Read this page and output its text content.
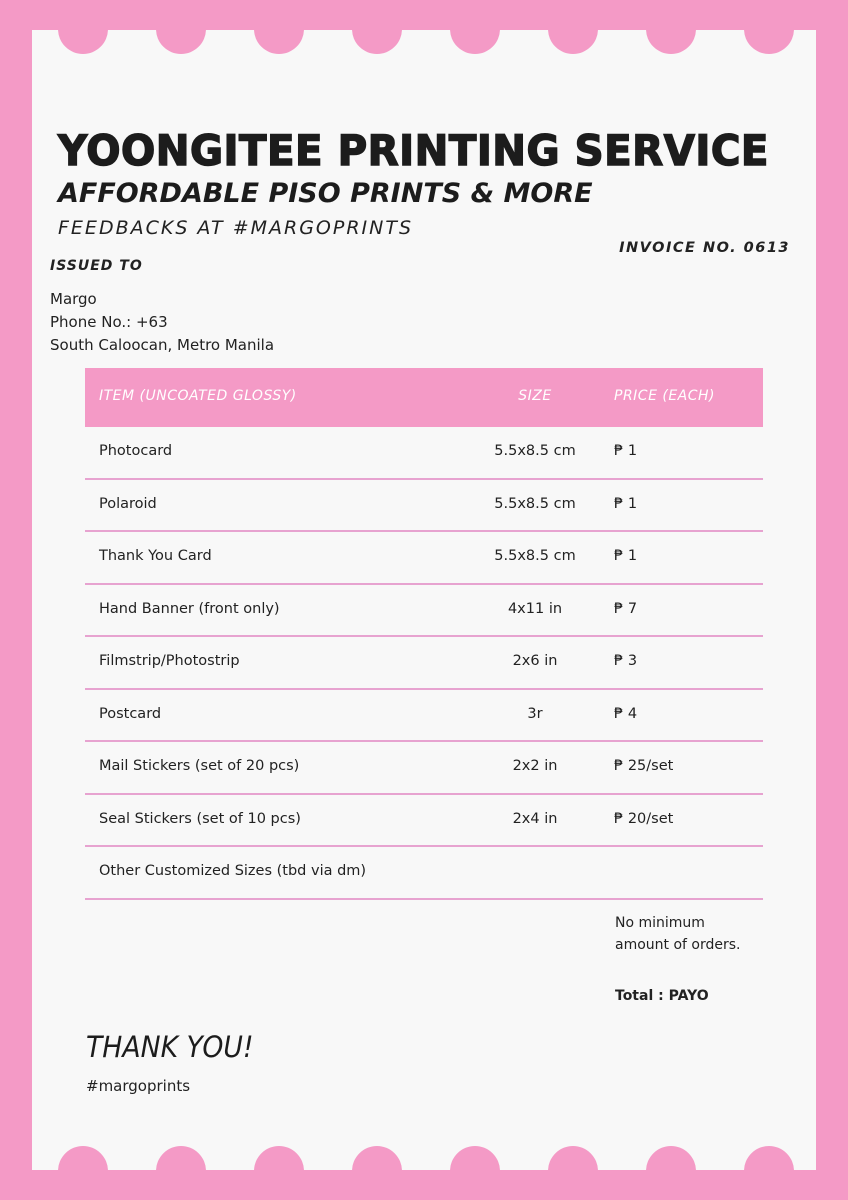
YOONGITEE PRINTING SERVICE
AFFORDABLE PISO PRINTS & MORE
FEEDBACKS AT #MARGOPRINTS
INVOICE NO. 0613
ISSUED TO
Margo
Phone No.: +63
South Caloocan, Metro Manila
ITEM (UNCOATED GLOSSY)	SIZE	PRICE (EACH)
Photocard	5.5x8.5 cm	₱ 1
Polaroid	5.5x8.5 cm	₱ 1
Thank You Card	5.5x8.5 cm	₱ 1
Hand Banner (front only)	4x11 in	₱ 7
Filmstrip/Photostrip	2x6 in	₱ 3
Postcard	3r	₱ 4
Mail Stickers (set of 20 pcs)	2x2 in	₱ 25/set
Seal Stickers (set of 10 pcs)	2x4 in	₱ 20/set
Other Customized Sizes (tbd via dm)
No minimum
amount of orders.
Total : PAYO
THANK YOU!
#margoprints
